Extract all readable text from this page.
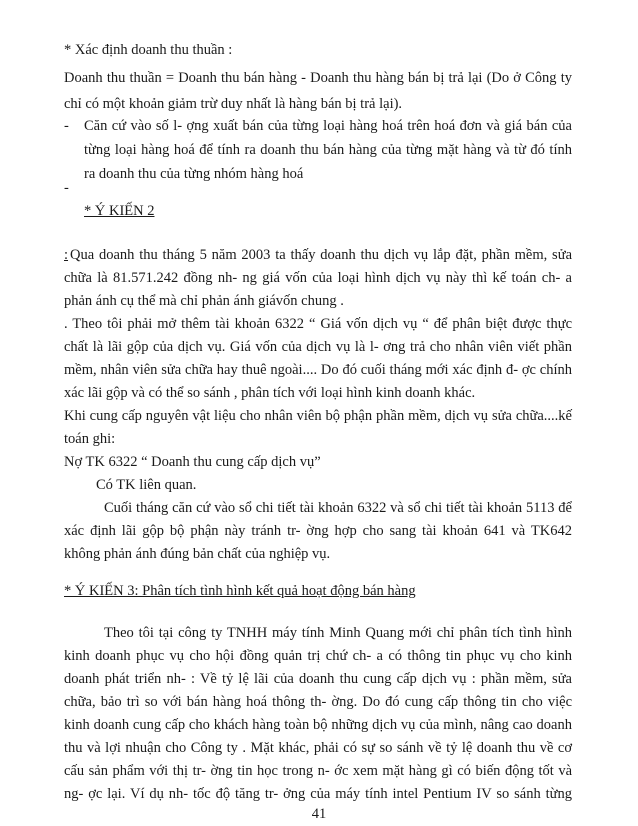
* Xác định doanh thu thuần :
Doanh thu thuần = Doanh thu bán hàng - Doanh thu hàng bán bị trả lại (Do ở Công ty
chỉ có một khoản giảm trừ duy nhất là hàng bán bị trả lại).
- Căn cứ vào số l- ợng xuất bán của từng loại hàng hoá trên hoá đơn và giá bán của
từng loại hàng hoá để tính ra doanh thu bán hàng của từng mặt hàng và từ đó tính
ra doanh thu của từng nhóm hàng hoá
-
* Ý KIẾN 2
: Qua doanh thu tháng 5 năm 2003 ta thấy doanh thu dịch vụ lắp đặt, phần mềm, sửa
chữa là 81.571.242 đồng nh- ng giá vốn của loại hình dịch vụ này thì kế toán ch- a
phản ánh cụ thể mà chỉ phản ánh giávốn chung .
. Theo tôi phải mở thêm tài khoản 6322 “ Giá vốn dịch vụ “ để phân biệt được thực
chất là lãi gộp của dịch vụ. Giá vốn của dịch vụ là l- ơng trả cho nhân viên viết phần
mềm, nhân viên sửa chữa hay thuê ngoài.... Do đó cuối tháng mới xác định đ- ợc chính
xác lãi gộp và có thể so sánh , phân tích với loại hình kinh doanh khác.
Khi cung cấp nguyên vật liệu cho nhân viên bộ phận phần mềm, dịch vụ sửa chữa....kế
toán ghi:
Nợ TK 6322 “ Doanh thu cung cấp dịch vụ”
Có TK liên quan.
Cuối tháng căn cứ vào sổ chi tiết tài khoản 6322 và sổ chi tiết tài khoản 5113 để
xác định lãi gộp bộ phận này tránh tr- ờng hợp cho sang tài khoản 641 và TK642
không phản ánh đúng bản chất của nghiệp vụ.
* Ý KIẾN 3: Phân tích tình hình kết quả hoạt động bán hàng
Theo tôi tại công ty TNHH máy tính Minh Quang mới chỉ phân tích tình hình
kinh doanh phục vụ cho hội đồng quản trị chứ ch- a có thông tin phục vụ cho kinh
doanh phát triển nh- : Về tỷ lệ lãi của doanh thu cung cấp dịch vụ : phần mềm, sửa
chữa, bảo trì so với bán hàng hoá thông th- ờng. Do đó cung cấp thông tin cho việc
kinh doanh cung cấp cho khách hàng toàn bộ những dịch vụ của mình, nâng cao doanh
thu và lợi nhuận cho Công ty . Mặt khác, phải có sự so sánh về tỷ lệ doanh thu về cơ
cấu sản phẩm với thị tr- ờng tin học trong n- ớc xem mặt hàng gì có biến động tốt và
ng- ợc lại. Ví dụ nh- tốc độ tăng tr- ởng của máy tính intel Pentium IV so sánh từng
41
